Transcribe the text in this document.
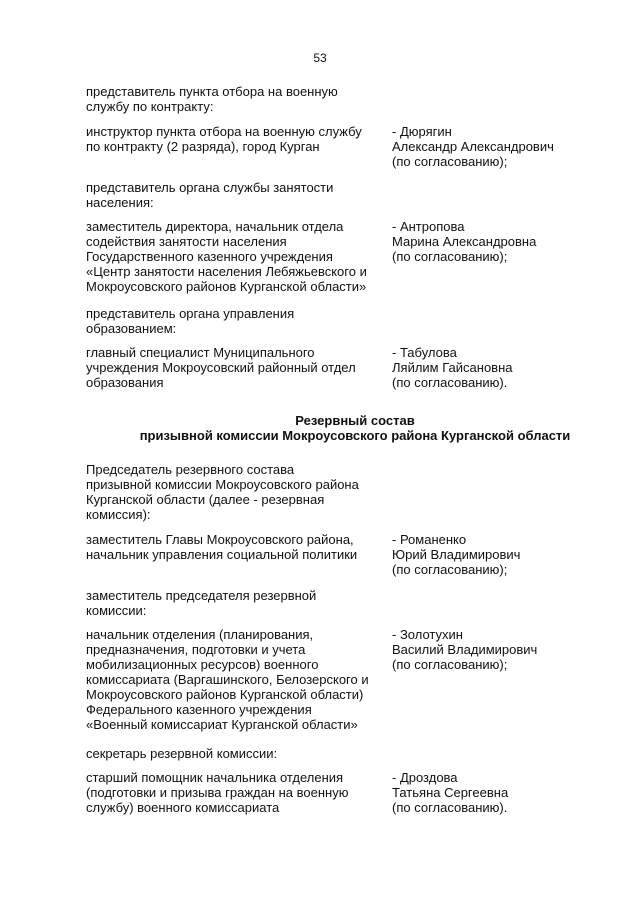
53
представитель пункта отбора на военную
службу по контракту:
инструктор пункта отбора на военную службу
по контракту (2 разряда), город Курган
- Дюрягин
Александр Александрович
(по согласованию);
представитель органа службы занятости
населения:
заместитель директора, начальник отдела
содействия занятости населения
Государственного казенного учреждения
«Центр занятости населения Лебяжьевского и
Мокроусовского районов Курганской области»
- Антропова
Марина Александровна
(по согласованию);
представитель органа управления
образованием:
главный специалист Муниципального
учреждения Мокроусовский районный отдел
образования
- Табулова
Ляйлим Гайсановна
(по согласованию).
Резервный состав
призывной комиссии Мокроусовского района Курганской области
Председатель резервного состава
призывной комиссии Мокроусовского района
Курганской области (далее - резервная
комиссия):
заместитель Главы Мокроусовского района,
начальник управления социальной политики
- Романенко
Юрий Владимирович
(по согласованию);
заместитель председателя резервной
комиссии:
начальник отделения (планирования,
предназначения, подготовки и учета
мобилизационных ресурсов) военного
комиссариата (Варгашинского, Белозерского и
Мокроусовского районов Курганской области)
Федерального казенного учреждения
«Военный комиссариат Курганской области»
- Золотухин
Василий Владимирович
(по согласованию);
секретарь резервной комиссии:
старший помощник начальника отделения
(подготовки и призыва граждан на военную
службу) военного комиссариата
- Дроздова
Татьяна Сергеевна
(по согласованию).
